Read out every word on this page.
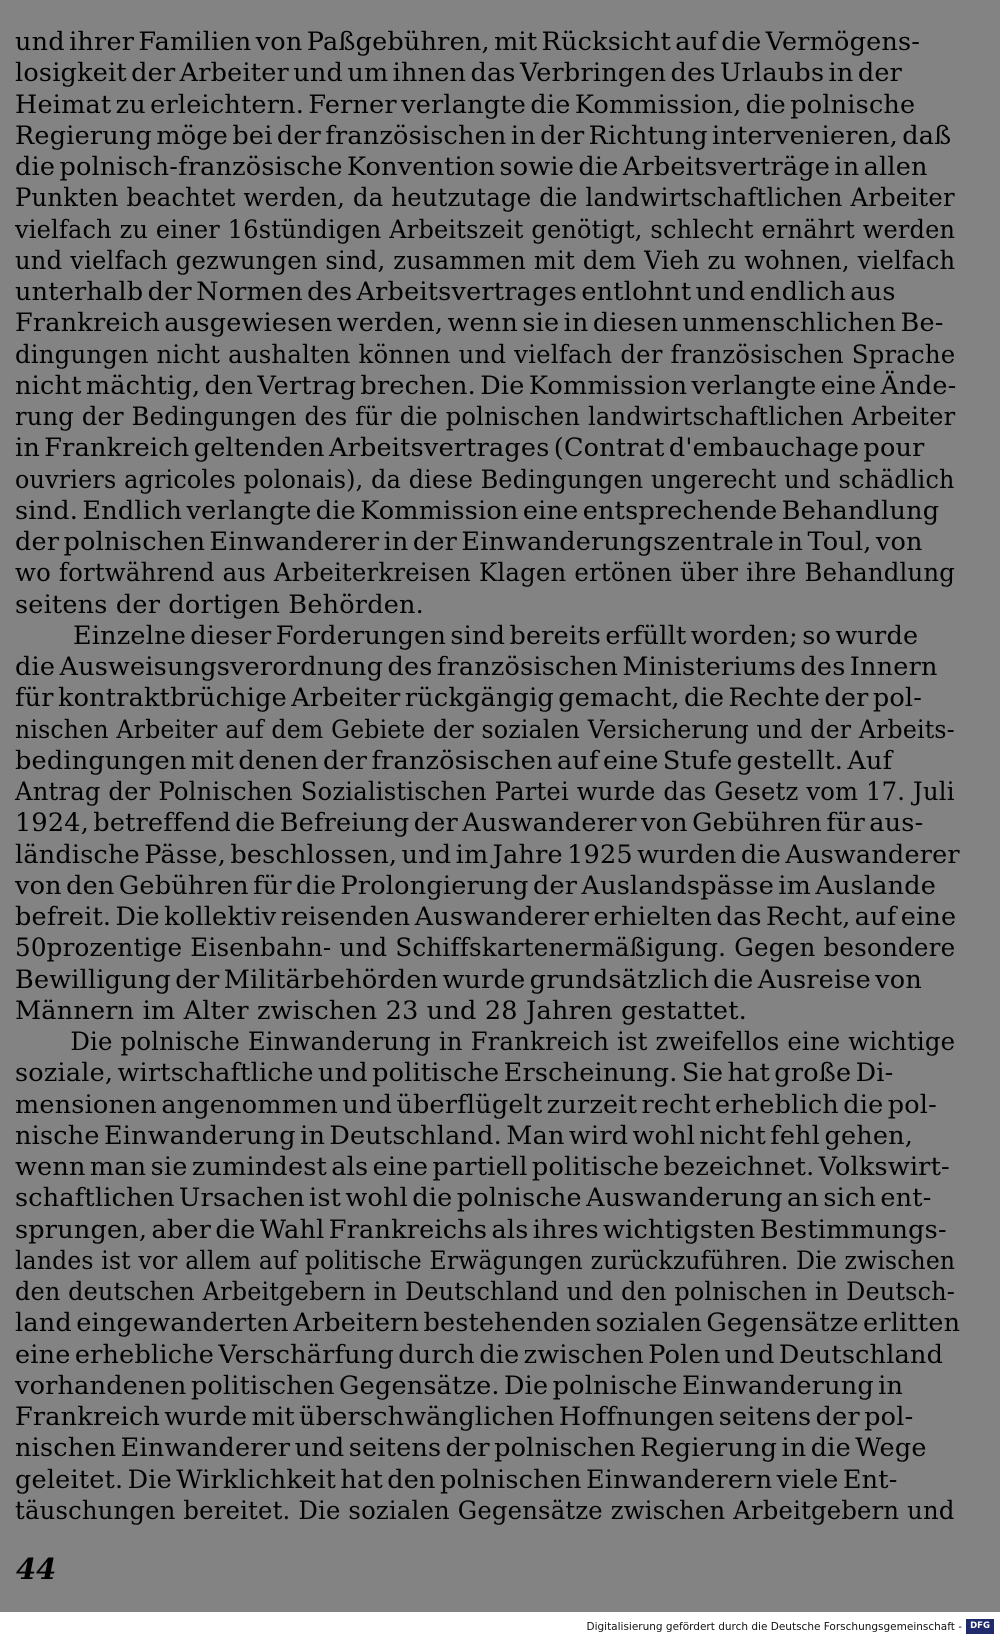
und ihrer Familien von Paßgebühren, mit Rücksicht auf die Vermögens-
losigkeit der Arbeiter und um ihnen das Verbringen des Urlaubs in der
Heimat zu erleichtern. Ferner verlangte die Kommission, die polnische
Regierung möge bei der französischen in der Richtung intervenieren, daß
die polnisch-französische Konvention sowie die Arbeitsverträge in allen
Punkten beachtet werden, da heutzutage die landwirtschaftlichen Arbeiter
vielfach zu einer 16stündigen Arbeitszeit genötigt, schlecht ernährt werden
und vielfach gezwungen sind, zusammen mit dem Vieh zu wohnen, vielfach
unterhalb der Normen des Arbeitsvertrages entlohnt und endlich aus
Frankreich ausgewiesen werden, wenn sie in diesen unmenschlichen Be-
dingungen nicht aushalten können und vielfach der französischen Sprache
nicht mächtig, den Vertrag brechen. Die Kommission verlangte eine Ände-
rung der Bedingungen des für die polnischen landwirtschaftlichen Arbeiter
in Frankreich geltenden Arbeitsvertrages (Contrat d'embauchage pour
ouvriers agricoles polonais), da diese Bedingungen ungerecht und schädlich
sind. Endlich verlangte die Kommission eine entsprechende Behandlung
der polnischen Einwanderer in der Einwanderungszentrale in Toul, von
wo fortwährend aus Arbeiterkreisen Klagen ertönen über ihre Behandlung
seitens der dortigen Behörden.
Einzelne dieser Forderungen sind bereits erfüllt worden; so wurde
die Ausweisungsverordnung des französischen Ministeriums des Innern
für kontraktbrüchige Arbeiter rückgängig gemacht, die Rechte der pol-
nischen Arbeiter auf dem Gebiete der sozialen Versicherung und der Arbeits-
bedingungen mit denen der französischen auf eine Stufe gestellt. Auf
Antrag der Polnischen Sozialistischen Partei wurde das Gesetz vom 17. Juli
1924, betreffend die Befreiung der Auswanderer von Gebühren für aus-
ländische Pässe, beschlossen, und im Jahre 1925 wurden die Auswanderer
von den Gebühren für die Prolongierung der Auslandspässe im Auslande
befreit. Die kollektiv reisenden Auswanderer erhielten das Recht, auf eine
50prozentige Eisenbahn- und Schiffskartenermäßigung. Gegen besondere
Bewilligung der Militärbehörden wurde grundsätzlich die Ausreise von
Männern im Alter zwischen 23 und 28 Jahren gestattet.
Die polnische Einwanderung in Frankreich ist zweifellos eine wichtige
soziale, wirtschaftliche und politische Erscheinung. Sie hat große Di-
mensionen angenommen und überflügelt zurzeit recht erheblich die pol-
nische Einwanderung in Deutschland. Man wird wohl nicht fehl gehen,
wenn man sie zumindest als eine partiell politische bezeichnet. Volkswirt-
schaftlichen Ursachen ist wohl die polnische Auswanderung an sich ent-
sprungen, aber die Wahl Frankreichs als ihres wichtigsten Bestimmungs-
landes ist vor allem auf politische Erwägungen zurückzuführen. Die zwischen
den deutschen Arbeitgebern in Deutschland und den polnischen in Deutsch-
land eingewanderten Arbeitern bestehenden sozialen Gegensätze erlitten
eine erhebliche Verschärfung durch die zwischen Polen und Deutschland
vorhandenen politischen Gegensätze. Die polnische Einwanderung in
Frankreich wurde mit überschwänglichen Hoffnungen seitens der pol-
nischen Einwanderer und seitens der polnischen Regierung in die Wege
geleitet. Die Wirklichkeit hat den polnischen Einwanderern viele Ent-
täuschungen bereitet. Die sozialen Gegensätze zwischen Arbeitgebern und
44
Digitalisierung gefördert durch die Deutsche Forschungsgemeinschaft - DFG
